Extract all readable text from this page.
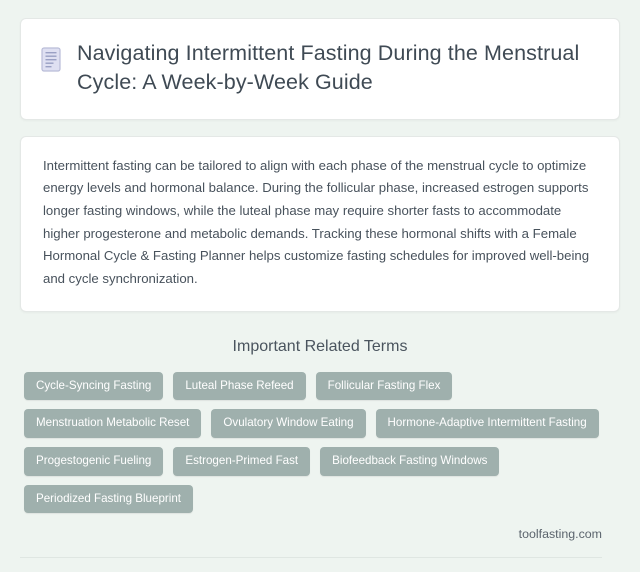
Navigating Intermittent Fasting During the Menstrual Cycle: A Week-by-Week Guide

Intermittent fasting can be tailored to align with each phase of the menstrual cycle to optimize energy levels and hormonal balance. During the follicular phase, increased estrogen supports longer fasting windows, while the luteal phase may require shorter fasts to accommodate higher progesterone and metabolic demands. Tracking these hormonal shifts with a Female Hormonal Cycle & Fasting Planner helps customize fasting schedules for improved well-being and cycle synchronization.

Important Related Terms
Cycle-Syncing Fasting	Luteal Phase Refeed	Follicular Fasting Flex
Menstruation Metabolic Reset	Ovulatory Window Eating	Hormone-Adaptive Intermittent Fasting
Progestogenic Fueling	Estrogen-Primed Fast	Biofeedback Fasting Windows
Periodized Fasting Blueprint
toolfasting.com
